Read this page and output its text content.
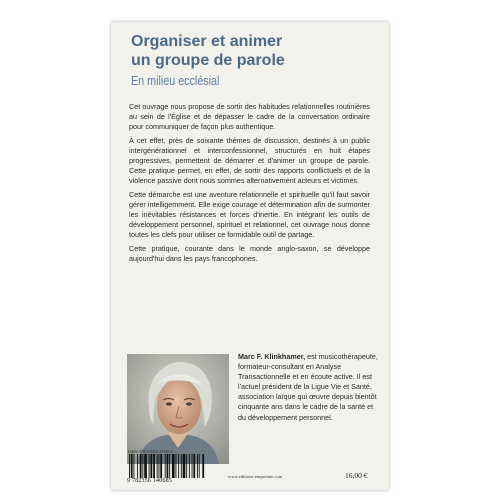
Organiser et animer
un groupe de parole
En milieu ecclésial

Cet ouvrage nous propose de sortir des habitudes relationnelles routinières au sein de l'Église et de dépasser le cadre de la conversation ordinaire pour communiquer de façon plus authentique.

À cet effet, près de soixante thèmes de discussion, destinés à un public intergénérationnel et interconfessionnel, structurés en huit étapes progressives, permettent de démarrer et d'animer un groupe de parole. Cette pratique permet, en effet, de sortir des rapports conflictuels et de la violence passive dont nous sommes alternativement acteurs et victimes.

Cette démarche est une aventure relationnelle et spirituelle qu'il faut savoir gérer intelligemment. Elle exige courage et détermination afin de surmonter les inévitables résistances et forces d'inertie. En intégrant les outils de développement personnel, spirituel et relationnel, cet ouvrage nous donne toutes les clefs pour utiliser ce formidable outil de partage.

Cette pratique, courante dans le monde anglo-saxon, se développe aujourd'hui dans les pays francophones.

Marc F. Klinkhamer, est musicothérapeute, formateur-consultant en Analyse Transactionnelle et en écoute active. Il est l'actuel président de la Ligue Vie et Santé, association laïque qui œuvre depuis bientôt cinquante ans dans le cadre de la santé et du développement personnel.
ISBN 978-2-35614-068-5
9 782356 140685
www.editions-empreinte.com	16,00 €
